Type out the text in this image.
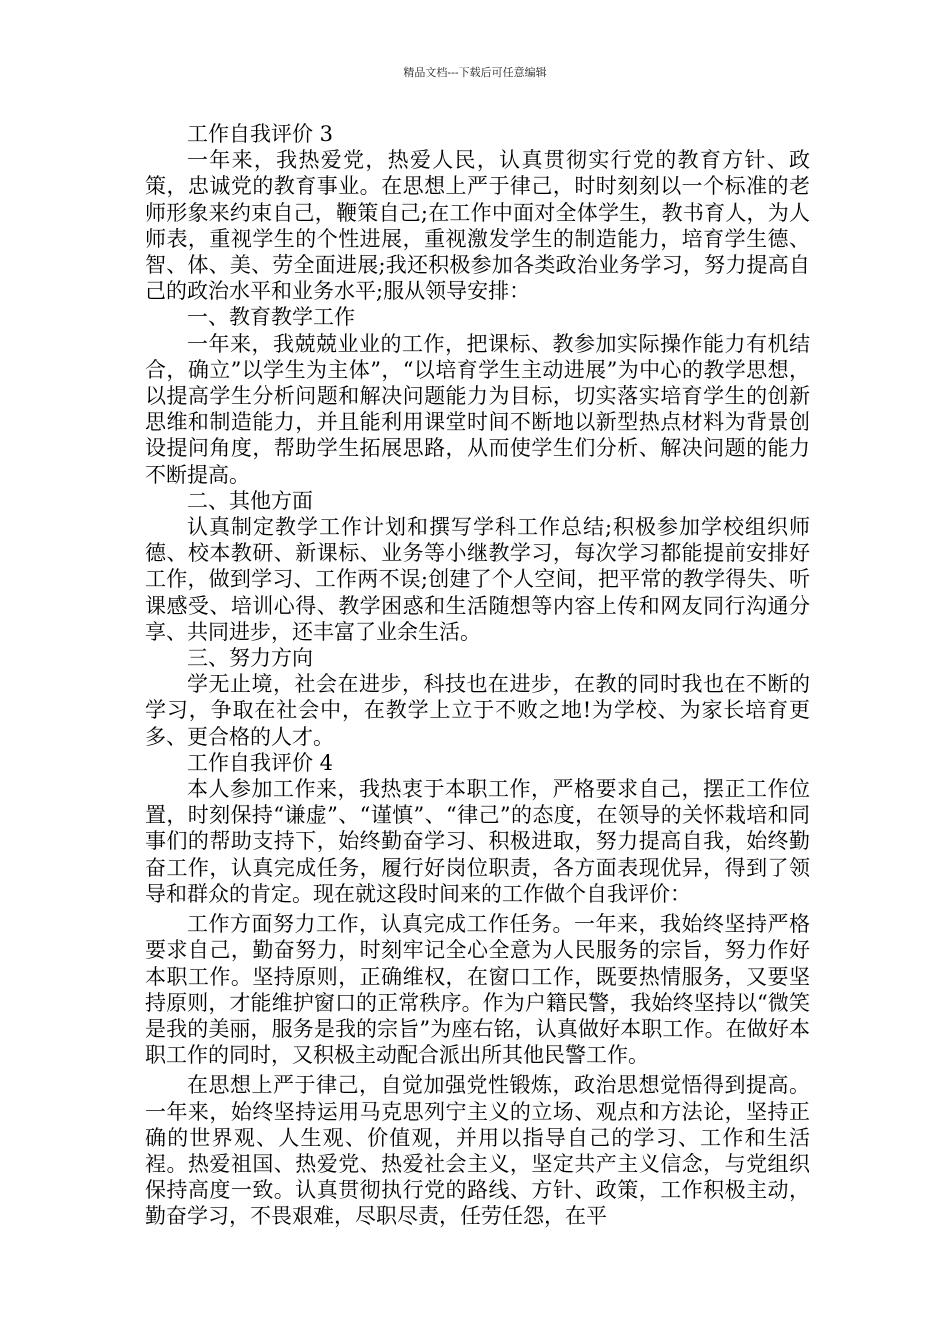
精品文档---下载后可任意编辑

工作自我评价 3

一年来，我热爱党，热爱人民，认真贯彻实行党的教育方针、政策，忠诚党的教育事业。在思想上严于律己，时时刻刻以一个标准的老师形象来约束自己，鞭策自己;在工作中面对全体学生，教书育人，为人师表，重视学生的个性进展，重视激发学生的制造能力，培育学生德、智、体、美、劳全面进展;我还积极参加各类政治业务学习，努力提高自己的政治水平和业务水平;服从领导安排：

一、教育教学工作

一年来，我兢兢业业的工作，把课标、教参加实际操作能力有机结合，确立”以学生为主体”，“以培育学生主动进展”为中心的教学思想，以提高学生分析问题和解决问题能力为目标，切实落实培育学生的创新思维和制造能力，并且能利用课堂时间不断地以新型热点材料为背景创设提问角度，帮助学生拓展思路，从而使学生们分析、解决问题的能力不断提高。

二、其他方面

认真制定教学工作计划和撰写学科工作总结;积极参加学校组织师德、校本教研、新课标、业务等小继教学习，每次学习都能提前安排好工作，做到学习、工作两不误;创建了个人空间，把平常的教学得失、听课感受、培训心得、教学困惑和生活随想等内容上传和网友同行沟通分享、共同进步，还丰富了业余生活。

三、努力方向

学无止境，社会在进步，科技也在进步，在教的同时我也在不断的学习，争取在社会中，在教学上立于不败之地!为学校、为家长培育更多、更合格的人才。

工作自我评价 4

本人参加工作来，我热衷于本职工作，严格要求自己，摆正工作位置，时刻保持“谦虚”、“谨慎”、“律己”的态度，在领导的关怀栽培和同事们的帮助支持下，始终勤奋学习、积极进取，努力提高自我，始终勤奋工作，认真完成任务，履行好岗位职责，各方面表现优异，得到了领导和群众的肯定。现在就这段时间来的工作做个自我评价：

工作方面努力工作，认真完成工作任务。一年来，我始终坚持严格要求自己，勤奋努力，时刻牢记全心全意为人民服务的宗旨，努力作好本职工作。坚持原则，正确维权，在窗口工作，既要热情服务，又要坚持原则，才能维护窗口的正常秩序。作为户籍民警，我始终坚持以“微笑是我的美丽，服务是我的宗旨”为座右铭，认真做好本职工作。在做好本职工作的同时，又积极主动配合派出所其他民警工作。

在思想上严于律己，自觉加强党性锻炼，政治思想觉悟得到提高。一年来，始终坚持运用马克思列宁主义的立场、观点和方法论，坚持正确的世界观、人生观、价值观，并用以指导自己的学习、工作和生活裎。热爱祖国、热爱党、热爱社会主义，坚定共产主义信念，与党组织保持高度一致。认真贯彻执行党的路线、方针、政策，工作积极主动，勤奋学习，不畏艰难，尽职尽责，任劳任怨，在平
